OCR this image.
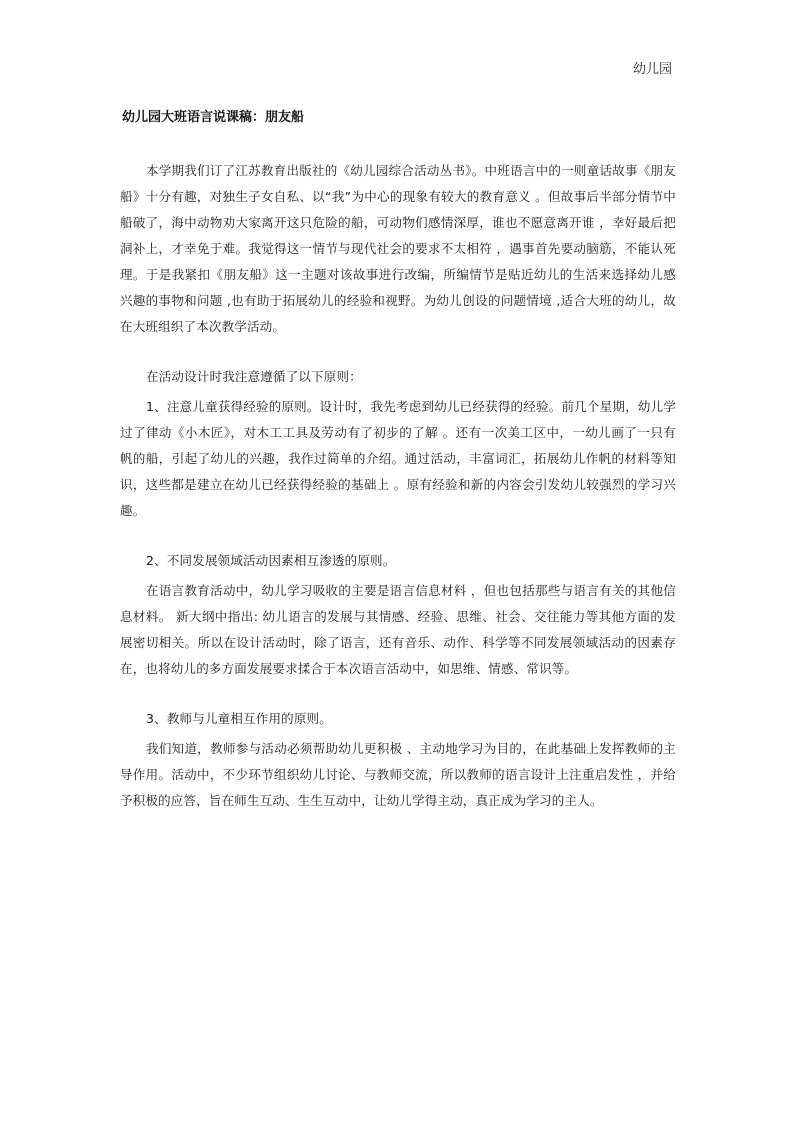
幼儿园
幼儿园大班语言说课稿：朋友船

本学期我们订了江苏教育出版社的《幼儿园综合活动丛书》。中班语言中的一则童话故事《朋友船》十分有趣，对独生子女自私、以“我”为中心的现象有较大的教育意义 。但故事后半部分情节中船破了，海中动物劝大家离开这只危险的船，可动物们感情深厚，谁也不愿意离开谁 ，幸好最后把洞补上，才幸免于难。我觉得这一情节与现代社会的要求不太相符 ，遇事首先要动脑筋，不能认死理。于是我紧扣《朋友船》这一主题对该故事进行改编，所编情节是贴近幼儿的生活来选择幼儿感兴趣的事物和问题 ,也有助于拓展幼儿的经验和视野。为幼儿创设的问题情境 ,适合大班的幼儿，故在大班组织了本次教学活动。

在活动设计时我注意遵循了以下原则：

1、注意儿童获得经验的原则。设计时，我先考虑到幼儿已经获得的经验。前几个星期，幼儿学过了律动《小木匠》，对木工工具及劳动有了初步的了解 。还有一次美工区中，一幼儿画了一只有帆的船，引起了幼儿的兴趣，我作过简单的介绍。通过活动，丰富词汇，拓展幼儿作帆的材料等知识，这些都是建立在幼儿已经获得经验的基础上 。原有经验和新的内容会引发幼儿较强烈的学习兴趣。

2、不同发展领域活动因素相互渗透的原则。

在语言教育活动中，幼儿学习吸收的主要是语言信息材料 ，但也包括那些与语言有关的其他信息材料。 新大纲中指出: 幼儿语言的发展与其情感、经验、思维、社会、交往能力等其他方面的发展密切相关。所以在设计活动时，除了语言，还有音乐、动作、科学等不同发展领域活动的因素存在，也将幼儿的多方面发展要求揉合于本次语言活动中，如思维、情感、常识等。

3、教师与儿童相互作用的原则。

我们知道，教师参与活动必须帮助幼儿更积极 、主动地学习为目的，在此基础上发挥教师的主导作用。活动中，不少环节组织幼儿讨论、与教师交流，所以教师的语言设计上注重启发性 ，并给予积极的应答，旨在师生互动、生生互动中，让幼儿学得主动，真正成为学习的主人。
